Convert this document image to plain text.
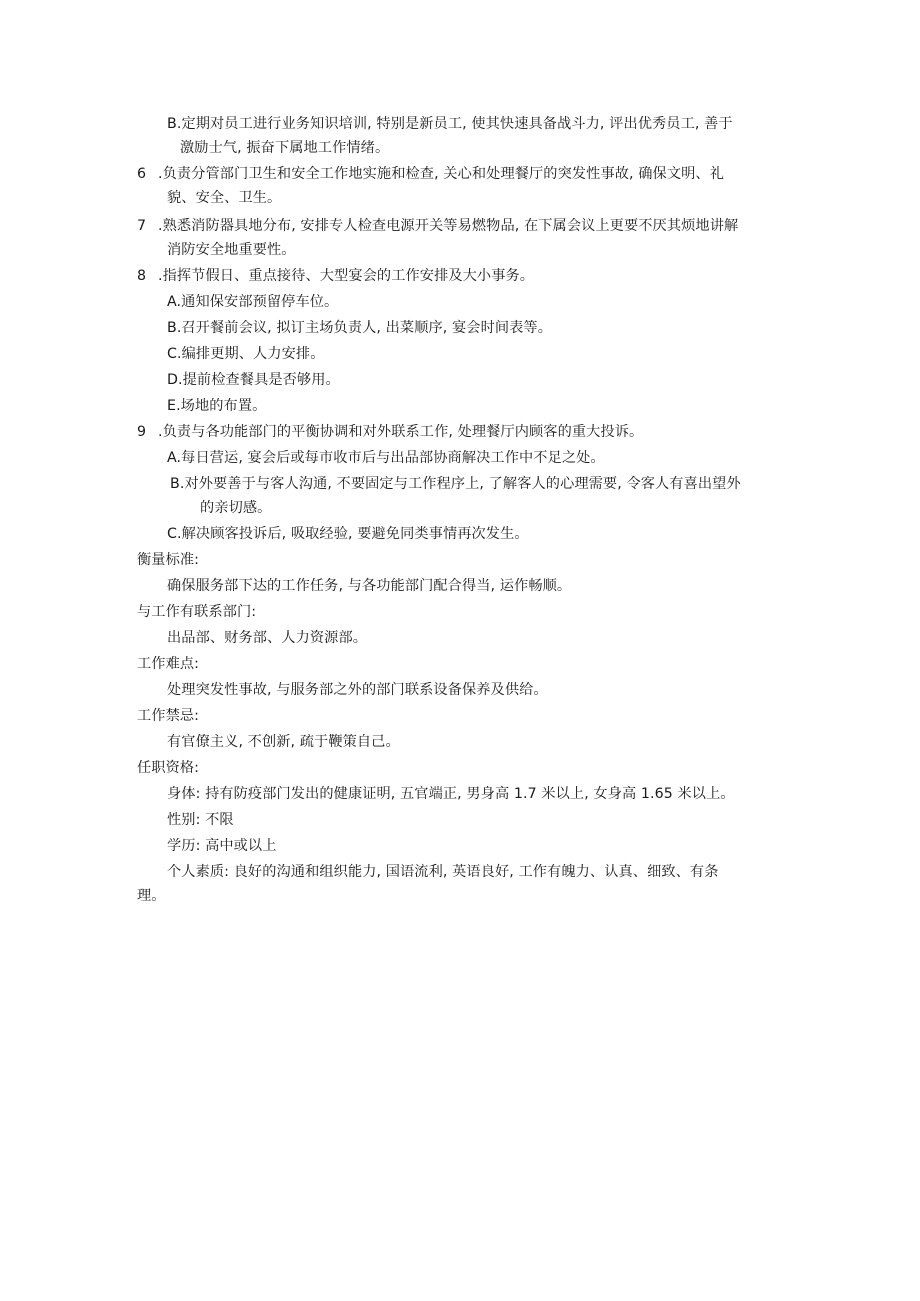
B.定期对员工进行业务知识培训, 特别是新员工, 使其快速具备战斗力, 评出优秀员工, 善于
激励士气, 振奋下属地工作情绪。
6 .负责分管部门卫生和安全工作地实施和检查, 关心和处理餐厅的突发性事故, 确保文明、礼
貌、安全、卫生。
7 .熟悉消防器具地分布, 安排专人检查电源开关等易燃物品, 在下属会议上更要不厌其烦地讲解
消防安全地重要性。
8 .指挥节假日、重点接待、大型宴会的工作安排及大小事务。
A.通知保安部预留停车位。
B.召开餐前会议, 拟订主场负责人, 出菜顺序, 宴会时间表等。
C.编排更期、人力安排。
D.提前检查餐具是否够用。
E.场地的布置。
9 .负责与各功能部门的平衡协调和对外联系工作, 处理餐厅内顾客的重大投诉。
A.每日营运, 宴会后或每市收市后与出品部协商解决工作中不足之处。
B.对外要善于与客人沟通, 不要固定与工作程序上, 了解客人的心理需要, 令客人有喜出望外
的亲切感。
C.解决顾客投诉后, 吸取经验, 要避免同类事情再次发生。
衡量标准:
确保服务部下达的工作任务, 与各功能部门配合得当, 运作畅顺。
与工作有联系部门:
出品部、财务部、人力资源部。
工作难点:
处理突发性事故, 与服务部之外的部门联系设备保养及供给。
工作禁忌:
有官僚主义, 不创新, 疏于鞭策自己。
任职资格:
身体: 持有防疫部门发出的健康证明, 五官端正, 男身高 1.7 米以上, 女身高 1.65 米以上。
性别: 不限
学历: 高中或以上
个人素质: 良好的沟通和组织能力, 国语流利, 英语良好, 工作有魄力、认真、细致、有条
理。
